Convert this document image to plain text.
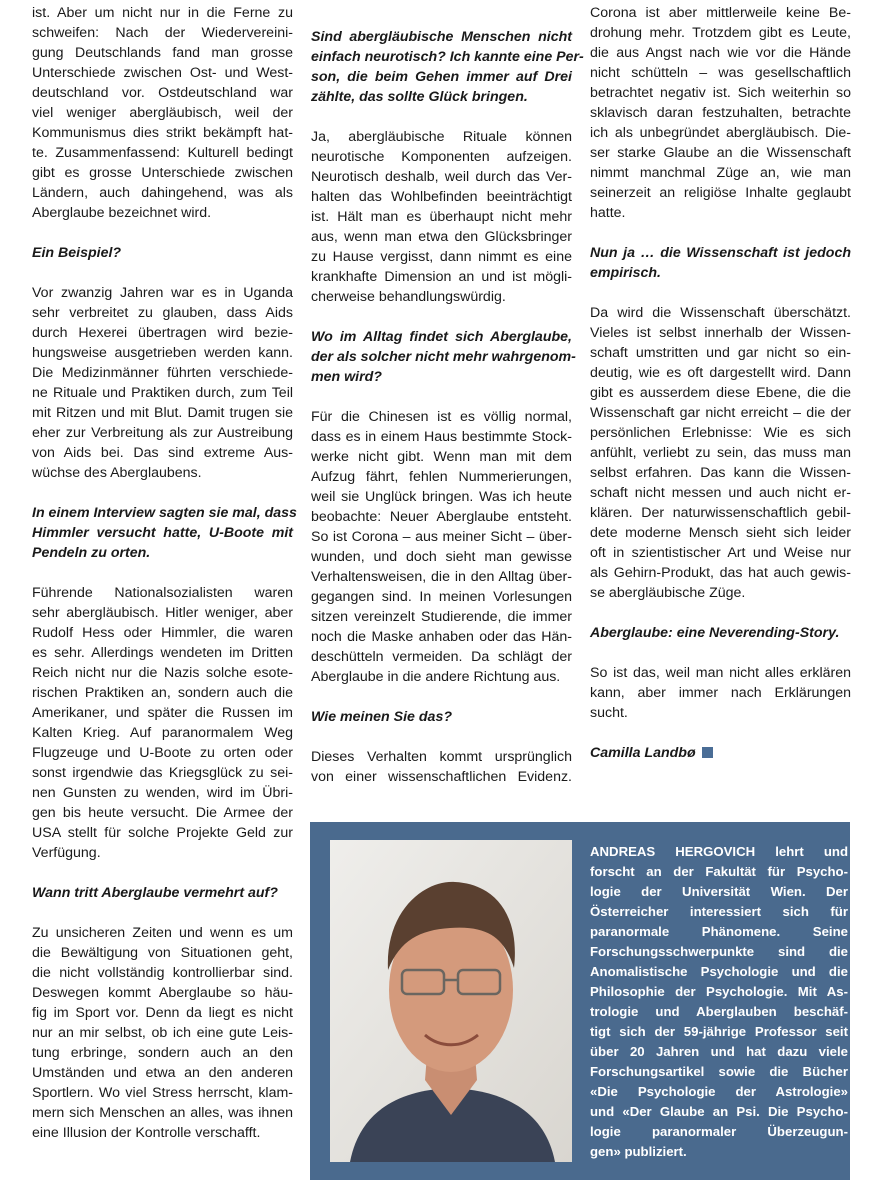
ist. Aber um nicht nur in die Ferne zu
schweifen: Nach der Wiedervereini-
gung Deutschlands fand man grosse
Unterschiede zwischen Ost- und West-
deutschland vor. Ostdeutschland war
viel weniger abergläubisch, weil der
Kommunismus dies strikt bekämpft hat-
te. Zusammenfassend: Kulturell bedingt
gibt es grosse Unterschiede zwischen
Ländern, auch dahingehend, was als
Aberglaube bezeichnet wird.
Ein Beispiel?
Vor zwanzig Jahren war es in Uganda
sehr verbreitet zu glauben, dass Aids
durch Hexerei übertragen wird bezie-
hungsweise ausgetrieben werden kann.
Die Medizinmänner führten verschiede-
ne Rituale und Praktiken durch, zum Teil
mit Ritzen und mit Blut. Damit trugen sie
eher zur Verbreitung als zur Austreibung
von Aids bei. Das sind extreme Aus-
wüchse des Aberglaubens.
In einem Interview sagten sie mal, dass
Himmler versucht hatte, U-Boote mit
Pendeln zu orten.
Führende Nationalsozialisten waren
sehr abergläubisch. Hitler weniger, aber
Rudolf Hess oder Himmler, die waren
es sehr. Allerdings wendeten im Dritten
Reich nicht nur die Nazis solche esote-
rischen Praktiken an, sondern auch die
Amerikaner, und später die Russen im
Kalten Krieg. Auf paranormalem Weg
Flugzeuge und U-Boote zu orten oder
sonst irgendwie das Kriegsglück zu sei-
nen Gunsten zu wenden, wird im Übri-
gen bis heute versucht. Die Armee der
USA stellt für solche Projekte Geld zur
Verfügung.
Wann tritt Aberglaube vermehrt auf?
Zu unsicheren Zeiten und wenn es um
die Bewältigung von Situationen geht,
die nicht vollständig kontrollierbar sind.
Deswegen kommt Aberglaube so häu-
fig im Sport vor. Denn da liegt es nicht
nur an mir selbst, ob ich eine gute Leis-
tung erbringe, sondern auch an den
Umständen und etwa an den anderen
Sportlern. Wo viel Stress herrscht, klam-
mern sich Menschen an alles, was ihnen
eine Illusion der Kontrolle verschafft.
Sind abergläubische Menschen nicht
einfach neurotisch? Ich kannte eine Per-
son, die beim Gehen immer auf Drei
zählte, das sollte Glück bringen.
Ja, abergläubische Rituale können
neurotische Komponenten aufzeigen.
Neurotisch deshalb, weil durch das Ver-
halten das Wohlbefinden beeinträchtigt
ist. Hält man es überhaupt nicht mehr
aus, wenn man etwa den Glücksbringer
zu Hause vergisst, dann nimmt es eine
krankhafte Dimension an und ist mögli-
cherweise behandlungswürdig.
Wo im Alltag findet sich Aberglaube,
der als solcher nicht mehr wahrgenom-
men wird?
Für die Chinesen ist es völlig normal,
dass es in einem Haus bestimmte Stock-
werke nicht gibt. Wenn man mit dem
Aufzug fährt, fehlen Nummerierungen,
weil sie Unglück bringen. Was ich heute
beobachte: Neuer Aberglaube entsteht.
So ist Corona – aus meiner Sicht – über-
wunden, und doch sieht man gewisse
Verhaltensweisen, die in den Alltag über-
gegangen sind. In meinen Vorlesungen
sitzen vereinzelt Studierende, die immer
noch die Maske anhaben oder das Hän-
deschütteln vermeiden. Da schlägt der
Aberglaube in die andere Richtung aus.
Wie meinen Sie das?
Dieses Verhalten kommt ursprünglich
von einer wissenschaftlichen Evidenz.
Corona ist aber mittlerweile keine Be-
drohung mehr. Trotzdem gibt es Leute,
die aus Angst nach wie vor die Hände
nicht schütteln – was gesellschaftlich
betrachtet negativ ist. Sich weiterhin so
sklavisch daran festzuhalten, betrachte
ich als unbegründet abergläubisch. Die-
ser starke Glaube an die Wissenschaft
nimmt manchmal Züge an, wie man
seinerzeit an religiöse Inhalte geglaubt
hatte.
Nun ja … die Wissenschaft ist jedoch
empirisch.
Da wird die Wissenschaft überschätzt.
Vieles ist selbst innerhalb der Wissen-
schaft umstritten und gar nicht so ein-
deutig, wie es oft dargestellt wird. Dann
gibt es ausserdem diese Ebene, die die
Wissenschaft gar nicht erreicht – die der
persönlichen Erlebnisse: Wie es sich
anfühlt, verliebt zu sein, das muss man
selbst erfahren. Das kann die Wissen-
schaft nicht messen und auch nicht er-
klären. Der naturwissenschaftlich gebil-
dete moderne Mensch sieht sich leider
oft in szientistischer Art und Weise nur
als Gehirn-Produkt, das hat auch gewis-
se abergläubische Züge.
Aberglaube: eine Neverending-Story.
So ist das, weil man nicht alles erklären
kann, aber immer nach Erklärungen
sucht.
Camilla Landbø
ANDREAS HERGOVICH lehrt und
forscht an der Fakultät für Psycho-
logie der Universität Wien. Der
Österreicher interessiert sich für
paranormale Phänomene. Seine
Forschungsschwerpunkte sind die
Anomalistische Psychologie und die
Philosophie der Psychologie. Mit As-
trologie und Aberglauben beschäf-
tigt sich der 59-jährige Professor seit
über 20 Jahren und hat dazu viele
Forschungsartikel sowie die Bücher
«Die Psychologie der Astrologie»
und «Der Glaube an Psi. Die Psycho-
logie paranormaler Überzeugun-
gen» publiziert.
